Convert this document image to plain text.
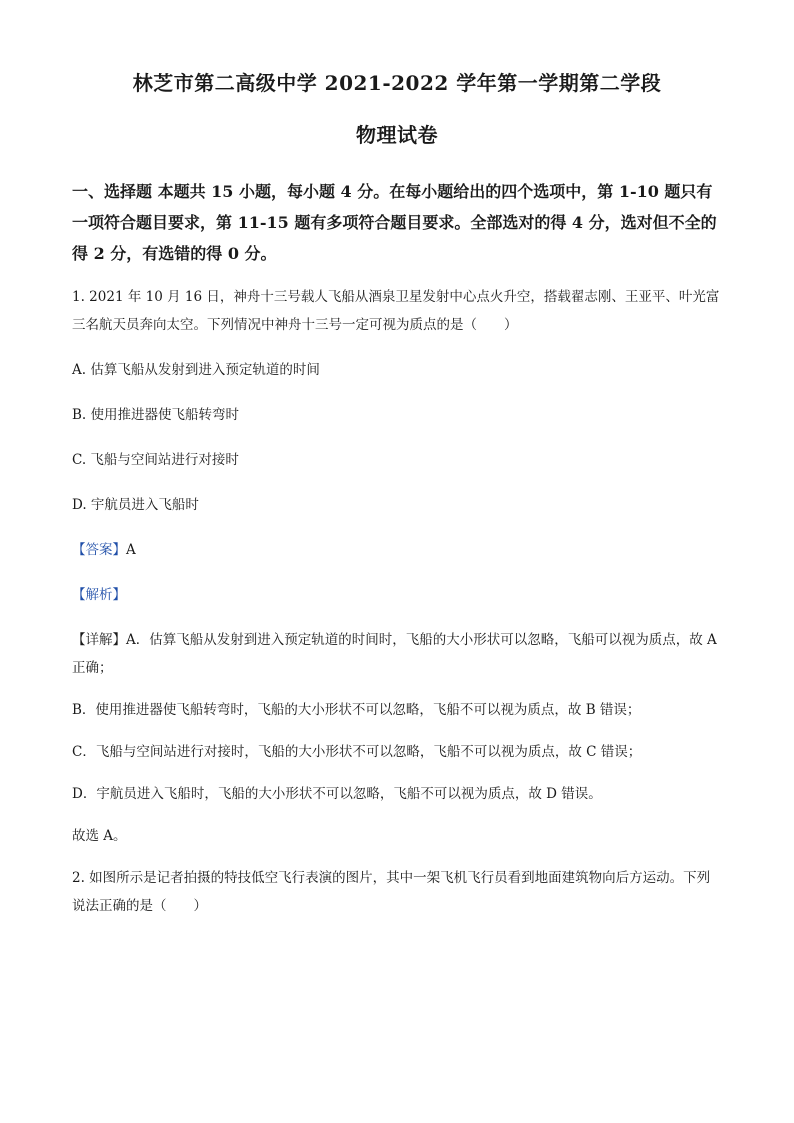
林芝市第二高级中学 2021-2022 学年第一学期第二学段

物理试卷

一、选择题 本题共 15 小题，每小题 4 分。在每小题给出的四个选项中，第 1-10 题只有一项符合题目要求，第 11-15 题有多项符合题目要求。全部选对的得 4 分，选对但不全的得 2 分，有选错的得 0 分。

1. 2021 年 10 月 16 日，神舟十三号载人飞船从酒泉卫星发射中心点火升空，搭载翟志刚、王亚平、叶光富三名航天员奔向太空。下列情况中神舟十三号一定可视为质点的是（　　）

A. 估算飞船从发射到进入预定轨道的时间

B. 使用推进器使飞船转弯时

C. 飞船与空间站进行对接时

D. 宇航员进入飞船时

【答案】A

【解析】

【详解】A．估算飞船从发射到进入预定轨道的时间时，飞船的大小形状可以忽略，飞船可以视为质点，故 A 正确；

B．使用推进器使飞船转弯时，飞船的大小形状不可以忽略，飞船不可以视为质点，故 B 错误；

C．飞船与空间站进行对接时，飞船的大小形状不可以忽略，飞船不可以视为质点，故 C 错误；

D．宇航员进入飞船时，飞船的大小形状不可以忽略，飞船不可以视为质点，故 D 错误。

故选 A。

2. 如图所示是记者拍摄的特技低空飞行表演的图片，其中一架飞机飞行员看到地面建筑物向后方运动。下列说法正确的是（　　）
